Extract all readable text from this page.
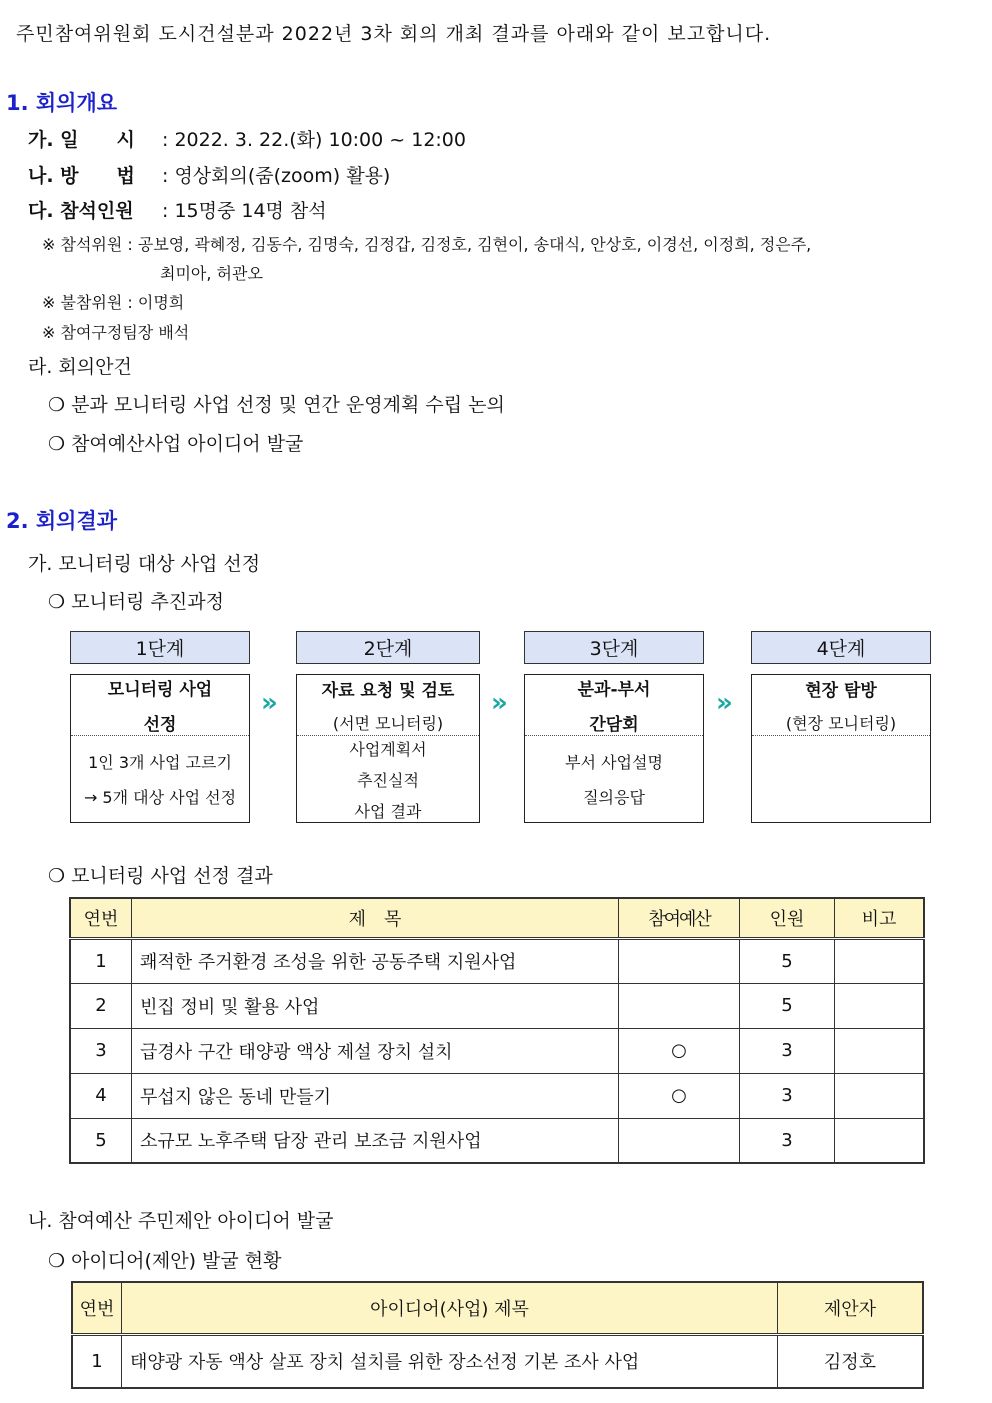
주민참여위원회 도시건설분과 2022년 3차 회의 개최 결과를 아래와 같이 보고합니다.
1. 회의개요
가. 일　　시 : 2022. 3. 22.(화) 10:00 ~ 12:00
나. 방　　법 : 영상회의(줌(zoom) 활용)
다. 참석인원 : 15명중 14명 참석
※ 참석위원 : 공보영, 곽혜정, 김동수, 김명숙, 김정갑, 김정호, 김현이, 송대식, 안상호, 이경선, 이정희, 정은주,
최미아, 허관오
※ 불참위원 : 이명희
※ 참여구정팀장 배석
라. 회의안건
❍ 분과 모니터링 사업 선정 및 연간 운영계획 수립 논의
❍ 참여예산사업 아이디어 발굴
2. 회의결과
가. 모니터링 대상 사업 선정
❍ 모니터링 추진과정
1단계	2단계	3단계	4단계
모니터링 사업
선정
1인 3개 사업 고르기
→ 5개 대상 사업 선정
자료 요청 및 검토
(서면 모니터링)
사업계획서
추진실적
사업 결과
분과-부서
간담회
부서 사업설명
질의응답
현장 탐방
(현장 모니터링)
»	»	»
❍ 모니터링 사업 선정 결과
연번	제　목	참여예산	인원	비고
1	쾌적한 주거환경 조성을 위한 공동주택 지원사업		5	
2	빈집 정비 및 활용 사업		5	
3	급경사 구간 태양광 액상 제설 장치 설치	○	3	
4	무섭지 않은 동네 만들기	○	3	
5	소규모 노후주택 담장 관리 보조금 지원사업		3	
나. 참여예산 주민제안 아이디어 발굴
❍ 아이디어(제안) 발굴 현황
연번	아이디어(사업) 제목	제안자
1	태양광 자동 액상 살포 장치 설치를 위한 장소선정 기본 조사 사업	김정호
